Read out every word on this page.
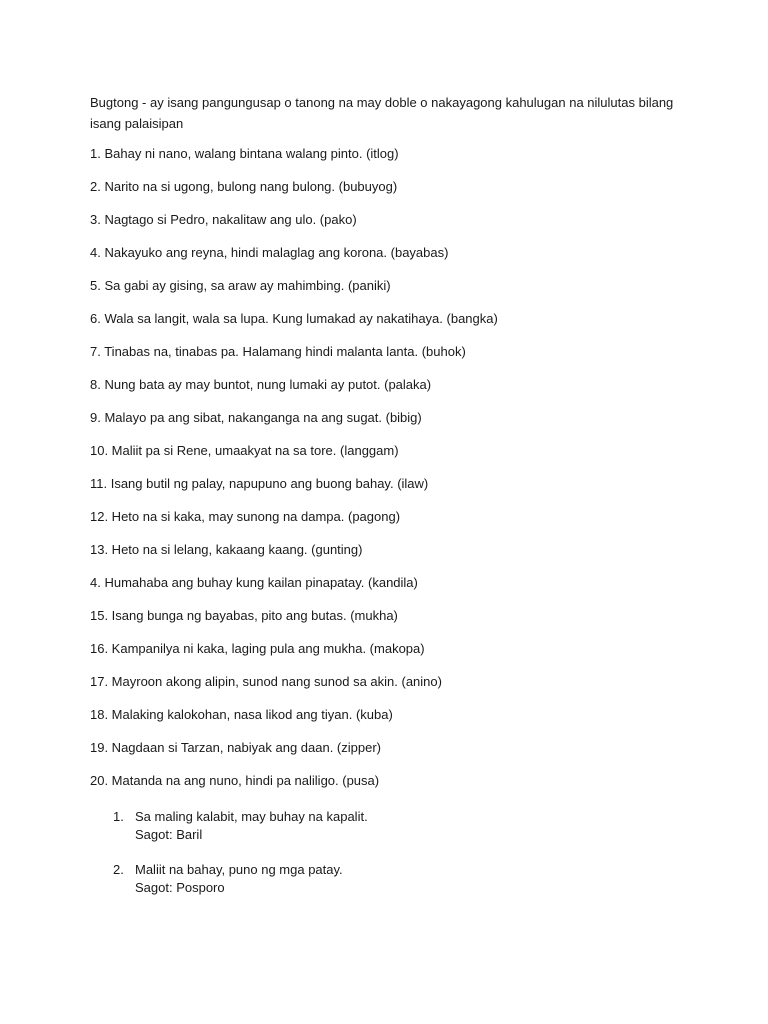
Bugtong - ay isang pangungusap o tanong na may doble o nakayagong kahulugan na nilulutas bilang isang palaisipan

1. Bahay ni nano, walang bintana walang pinto. (itlog)

2. Narito na si ugong, bulong nang bulong. (bubuyog)

3. Nagtago si Pedro, nakalitaw ang ulo. (pako)

4. Nakayuko ang reyna, hindi malaglag ang korona. (bayabas)

5. Sa gabi ay gising, sa araw ay mahimbing. (paniki)

6. Wala sa langit, wala sa lupa. Kung lumakad ay nakatihaya. (bangka)

7. Tinabas na, tinabas pa. Halamang hindi malanta lanta. (buhok)

8. Nung bata ay may buntot, nung lumaki ay putot. (palaka)

9. Malayo pa ang sibat, nakanganga na ang sugat. (bibig)

10. Maliit pa si Rene, umaakyat na sa tore. (langgam)

11. Isang butil ng palay, napupuno ang buong bahay. (ilaw)

12. Heto na si kaka, may sunong na dampa. (pagong)

13. Heto na si lelang, kakaang kaang. (gunting)

4. Humahaba ang buhay kung kailan pinapatay. (kandila)

15. Isang bunga ng bayabas, pito ang butas. (mukha)

16. Kampanilya ni kaka, laging pula ang mukha. (makopa)

17. Mayroon akong alipin, sunod nang sunod sa akin. (anino)

18. Malaking kalokohan, nasa likod ang tiyan. (kuba)

19. Nagdaan si Tarzan, nabiyak ang daan. (zipper)

20. Matanda na ang nuno, hindi pa naliligo. (pusa)

1. Sa maling kalabit, may buhay na kapalit.
Sagot: Baril
2. Maliit na bahay, puno ng mga patay.
Sagot: Posporo
